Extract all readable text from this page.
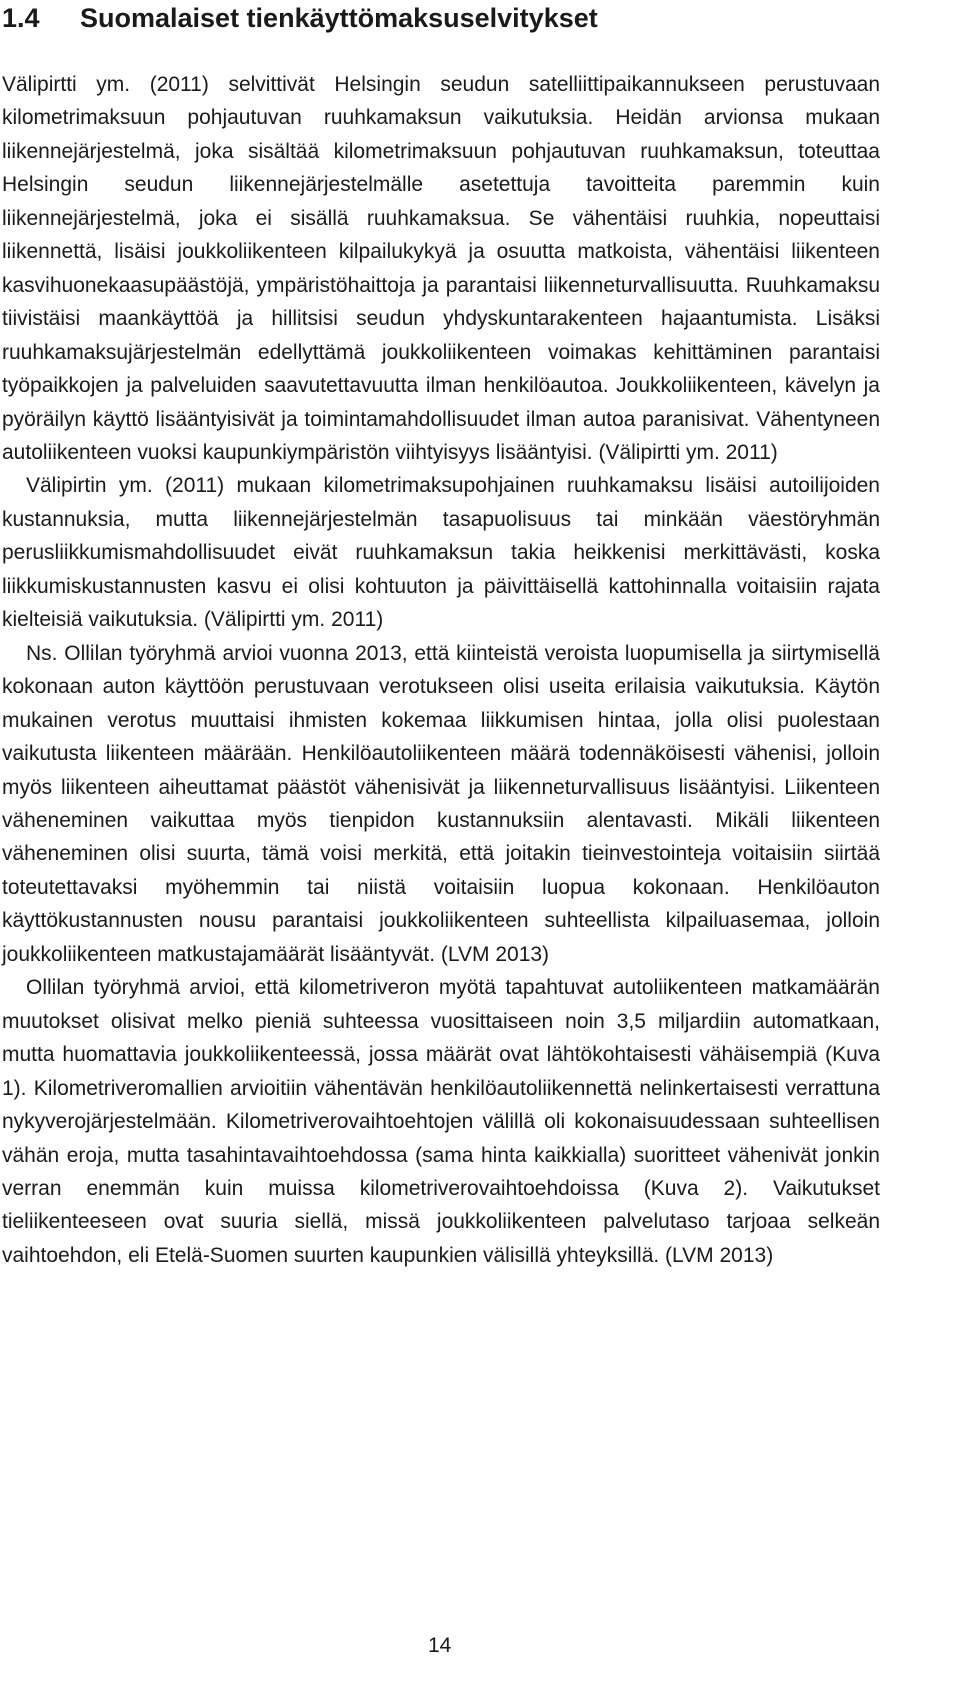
1.4 Suomalaiset tienkäyttömaksuselvitykset

Välipirtti ym. (2011) selvittivät Helsingin seudun satelliittipaikannukseen perustuvaan kilometrimaksuun pohjautuvan ruuhkamaksun vaikutuksia. Heidän arvionsa mukaan liikennejärjestelmä, joka sisältää kilometrimaksuun pohjautuvan ruuhkamaksun, toteuttaa Helsingin seudun liikennejärjestelmälle asetettuja tavoitteita paremmin kuin liikennejärjestelmä, joka ei sisällä ruuhkamaksua. Se vähentäisi ruuhkia, nopeuttaisi liikennettä, lisäisi joukkoliikenteen kilpailukykyä ja osuutta matkoista, vähentäisi liikenteen kasvihuonekaasupäästöjä, ympäristöhaittoja ja parantaisi liikenneturvallisuutta. Ruuhkamaksu tiivistäisi maankäyttöä ja hillitsisi seudun yhdyskuntarakenteen hajaantumista. Lisäksi ruuhkamaksujärjestelmän edellyttämä joukkoliikenteen voimakas kehittäminen parantaisi työpaikkojen ja palveluiden saavutettavuutta ilman henkilöautoa. Joukkoliikenteen, kävelyn ja pyöräilyn käyttö lisääntyisivät ja toimintamahdollisuudet ilman autoa paranisivat. Vähentyneen autoliikenteen vuoksi kaupunkiympäristön viihtyisyys lisääntyisi. (Välipirtti ym. 2011)

Välipirtin ym. (2011) mukaan kilometrimaksupohjainen ruuhkamaksu lisäisi autoilijoiden kustannuksia, mutta liikennejärjestelmän tasapuolisuus tai minkään väestöryhmän perusliikkumismahdollisuudet eivät ruuhkamaksun takia heikkenisi merkittävästi, koska liikkumiskustannusten kasvu ei olisi kohtuuton ja päivittäisellä kattohinnalla voitaisiin rajata kielteisiä vaikutuksia. (Välipirtti ym. 2011)

Ns. Ollilan työryhmä arvioi vuonna 2013, että kiinteistä veroista luopumisella ja siirtymisellä kokonaan auton käyttöön perustuvaan verotukseen olisi useita erilaisia vaikutuksia. Käytön mukainen verotus muuttaisi ihmisten kokemaa liikkumisen hintaa, jolla olisi puolestaan vaikutusta liikenteen määrään. Henkilöautoliikenteen määrä todennäköisesti vähenisi, jolloin myös liikenteen aiheuttamat päästöt vähenisivät ja liikenneturvallisuus lisääntyisi. Liikenteen väheneminen vaikuttaa myös tienpidon kustannuksiin alentavasti. Mikäli liikenteen väheneminen olisi suurta, tämä voisi merkitä, että joitakin tieinvestointeja voitaisiin siirtää toteutettavaksi myöhemmin tai niistä voitaisiin luopua kokonaan. Henkilöauton käyttökustannusten nousu parantaisi joukkoliikenteen suhteellista kilpailuasemaa, jolloin joukkoliikenteen matkustajamäärät lisääntyvät. (LVM 2013)

Ollilan työryhmä arvioi, että kilometriveron myötä tapahtuvat autoliikenteen matkamäärän muutokset olisivat melko pieniä suhteessa vuosittaiseen noin 3,5 miljardiin automatkaan, mutta huomattavia joukkoliikenteessä, jossa määrät ovat lähtökohtaisesti vähäisempiä (Kuva 1). Kilometriveromallien arvioitiin vähentävän henkilöautoliikennettä nelinkertaisesti verrattuna nykyverojärjestelmään. Kilometriverovaihtoehtojen välillä oli kokonaisuudessaan suhteellisen vähän eroja, mutta tasahintavaihtoehdossa (sama hinta kaikkialla) suoritteet vähenivät jonkin verran enemmän kuin muissa kilometriverovaihtoehdoissa (Kuva 2). Vaikutukset tieliikenteeseen ovat suuria siellä, missä joukkoliikenteen palvelutaso tarjoaa selkeän vaihtoehdon, eli Etelä-Suomen suurten kaupunkien välisillä yhteyksillä. (LVM 2013)

14
